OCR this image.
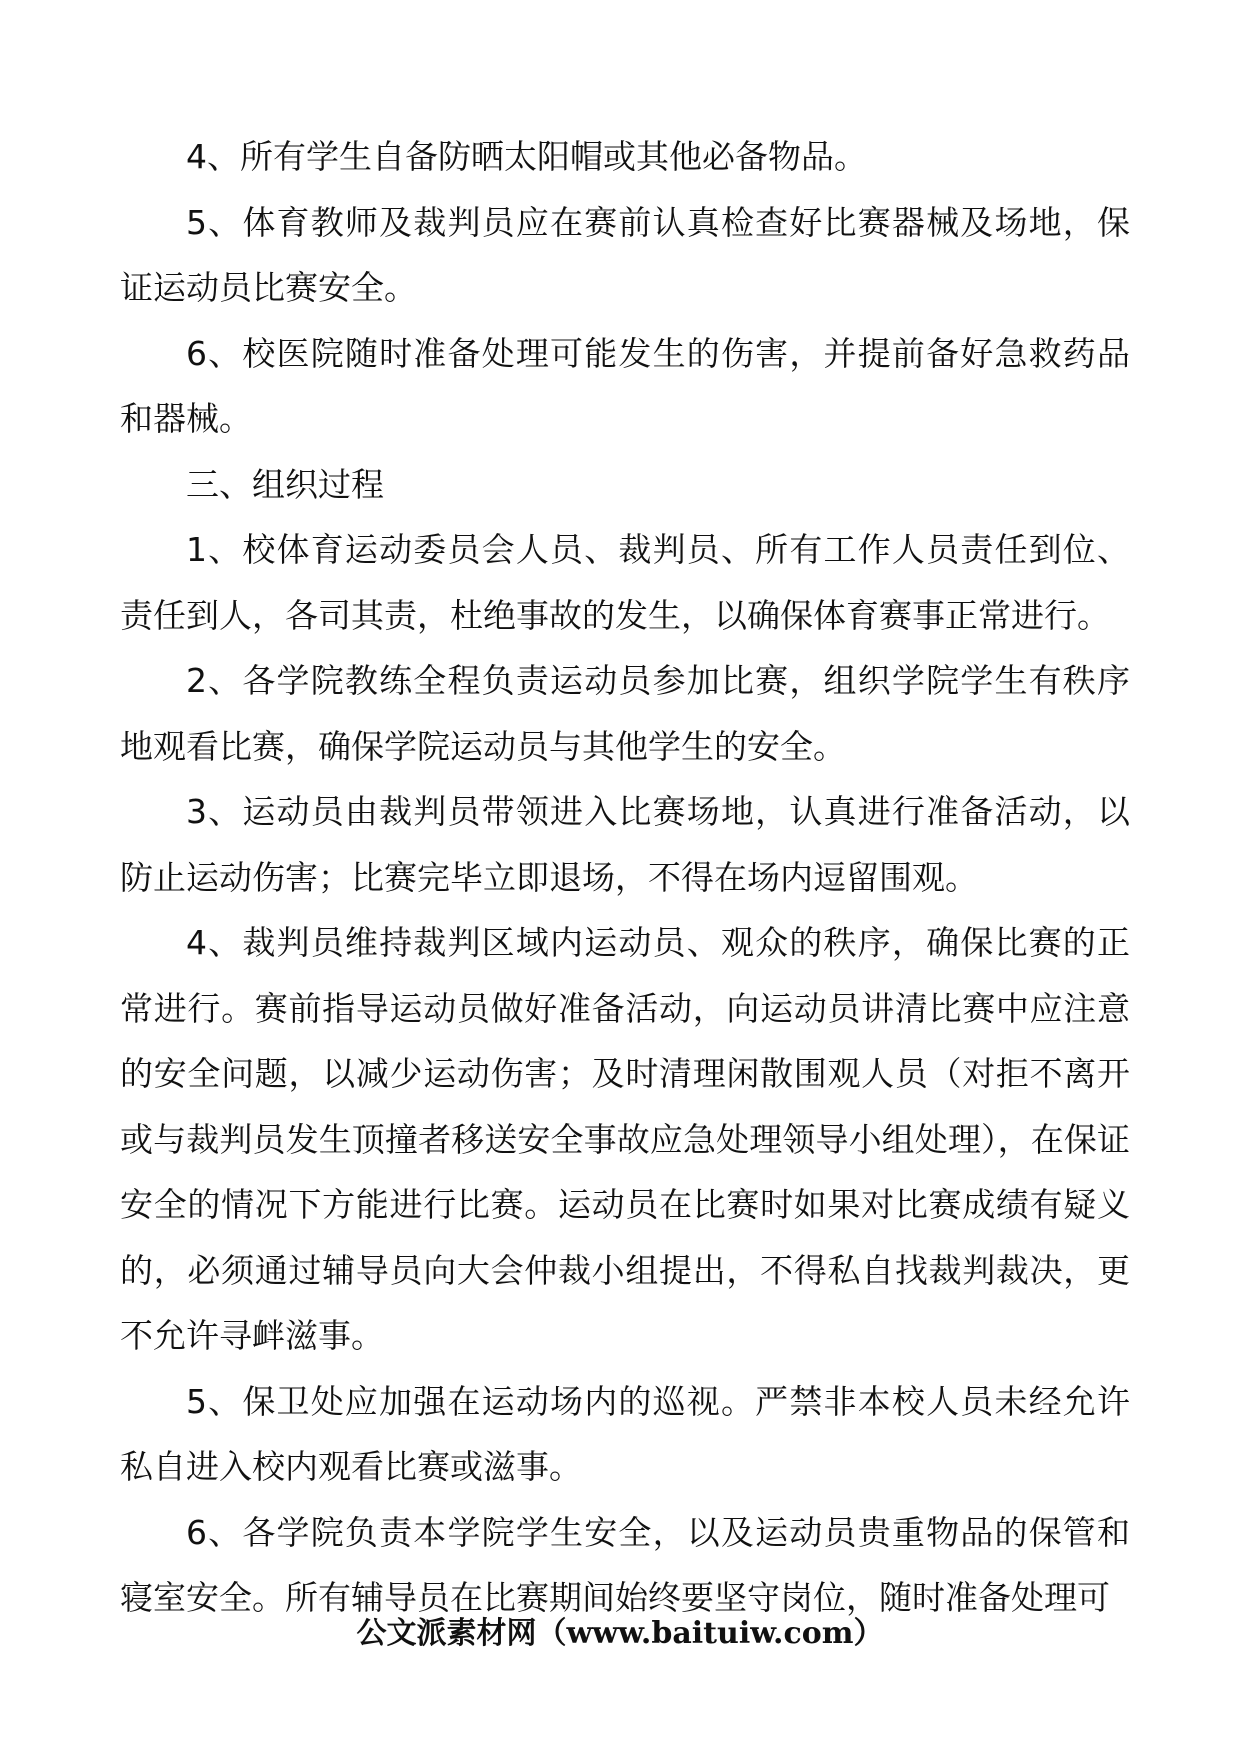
4、所有学生自备防晒太阳帽或其他必备物品。

5、体育教师及裁判员应在赛前认真检查好比赛器械及场地，保证运动员比赛安全。

6、校医院随时准备处理可能发生的伤害，并提前备好急救药品和器械。

三、组织过程

1、校体育运动委员会人员、裁判员、所有工作人员责任到位、责任到人，各司其责，杜绝事故的发生，以确保体育赛事正常进行。

2、各学院教练全程负责运动员参加比赛，组织学院学生有秩序地观看比赛，确保学院运动员与其他学生的安全。

3、运动员由裁判员带领进入比赛场地，认真进行准备活动，以防止运动伤害；比赛完毕立即退场，不得在场内逗留围观。

4、裁判员维持裁判区域内运动员、观众的秩序，确保比赛的正常进行。赛前指导运动员做好准备活动，向运动员讲清比赛中应注意的安全问题，以减少运动伤害；及时清理闲散围观人员（对拒不离开或与裁判员发生顶撞者移送安全事故应急处理领导小组处理），在保证安全的情况下方能进行比赛。运动员在比赛时如果对比赛成绩有疑义的，必须通过辅导员向大会仲裁小组提出，不得私自找裁判裁决，更不允许寻衅滋事。

5、保卫处应加强在运动场内的巡视。严禁非本校人员未经允许私自进入校内观看比赛或滋事。

6、各学院负责本学院学生安全，以及运动员贵重物品的保管和寝室安全。所有辅导员在比赛期间始终要坚守岗位，随时准备处理可

公文派素材网（www.baituiw.com）
